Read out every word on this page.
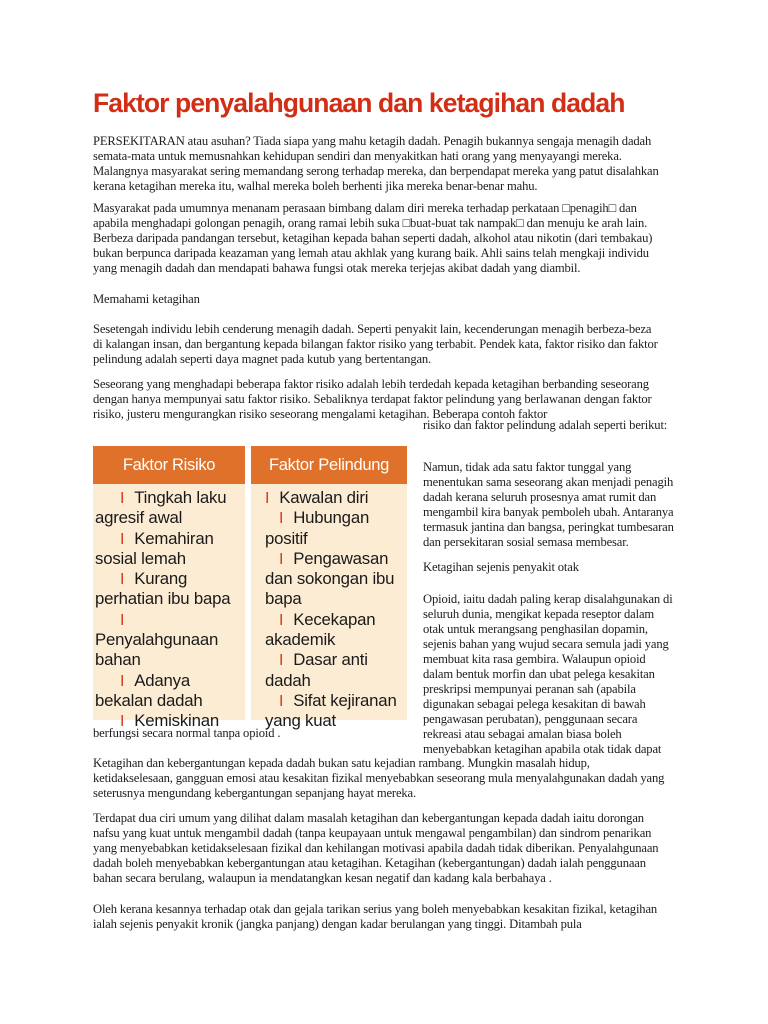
Faktor penyalahgunaan dan ketagihan dadah

PERSEKITARAN atau asuhan? Tiada siapa yang mahu ketagih dadah. Penagih bukannya sengaja menagih dadah semata-mata untuk memusnahkan kehidupan sendiri dan menyakitkan hati orang yang menyayangi mereka. Malangnya masyarakat sering memandang serong terhadap mereka, dan berpendapat mereka yang patut disalahkan kerana ketagihan mereka itu, walhal mereka boleh berhenti jika mereka benar-benar mahu.

Masyarakat pada umumnya menanam perasaan bimbang dalam diri mereka terhadap perkataan □penagih□ dan apabila menghadapi golongan penagih, orang ramai lebih suka □buat-buat tak nampak□ dan menuju ke arah lain. Berbeza daripada pandangan tersebut, ketagihan kepada bahan seperti dadah, alkohol atau nikotin (dari tembakau) bukan berpunca daripada keazaman yang lemah atau akhlak yang kurang baik. Ahli sains telah mengkaji individu yang menagih dadah dan mendapati bahawa fungsi otak mereka terjejas akibat dadah yang diambil.

Memahami ketagihan

Sesetengah individu lebih cenderung menagih dadah. Seperti penyakit lain, kecenderungan menagih berbeza-beza di kalangan insan, dan bergantung kepada bilangan faktor risiko yang terbabit. Pendek kata, faktor risiko dan faktor pelindung adalah seperti daya magnet pada kutub yang bertentangan.

Seseorang yang menghadapi beberapa faktor risiko adalah lebih terdedah kepada ketagihan berbanding seseorang dengan hanya mempunyai satu faktor risiko. Sebaliknya terdapat faktor pelindung yang berlawanan dengan faktor risiko, justeru mengurangkan risiko seseorang mengalami ketagihan. Beberapa contoh faktor

risiko dan faktor pelindung adalah seperti berikut:

Faktor Risiko	Faktor Pelindung
I Tingkah laku agresif awal
I Kemahiran sosial lemah
I Kurang perhatian ibu bapa
IPenyalahgunaan bahan
I Adanya bekalan dadah
I Kemiskinan
I Kawalan diri
I Hubungan positif
I Pengawasan dan sokongan ibu bapa
I Kecekapan akademik
I Dasar anti dadah
I Sifat kejiranan yang kuat

Namun, tidak ada satu faktor tunggal yang menentukan sama seseorang akan menjadi penagih dadah kerana seluruh prosesnya amat rumit dan mengambil kira banyak pemboleh ubah. Antaranya termasuk jantina dan bangsa, peringkat tumbesaran dan persekitaran sosial semasa membesar.

Ketagihan sejenis penyakit otak

Opioid, iaitu dadah paling kerap disalahgunakan di seluruh dunia, mengikat kepada reseptor dalam otak untuk merangsang penghasilan dopamin, sejenis bahan yang wujud secara semula jadi yang membuat kita rasa gembira. Walaupun opioid dalam bentuk morfin dan ubat pelega kesakitan preskripsi mempunyai peranan sah (apabila digunakan sebagai pelega kesakitan di bawah pengawasan perubatan), penggunaan secara rekreasi atau sebagai amalan biasa boleh menyebabkan ketagihan apabila otak tidak dapat

berfungsi secara normal tanpa opioid .

Ketagihan dan kebergantungan kepada dadah bukan satu kejadian rambang. Mungkin masalah hidup, ketidakselesaan, gangguan emosi atau kesakitan fizikal menyebabkan seseorang mula menyalahgunakan dadah yang seterusnya mengundang kebergantungan sepanjang hayat mereka.

Terdapat dua ciri umum yang dilihat dalam masalah ketagihan dan kebergantungan kepada dadah iaitu dorongan nafsu yang kuat untuk mengambil dadah (tanpa keupayaan untuk mengawal pengambilan) dan sindrom penarikan yang menyebabkan ketidakselesaan fizikal dan kehilangan motivasi apabila dadah tidak diberikan. Penyalahgunaan dadah boleh menyebabkan kebergantungan atau ketagihan. Ketagihan (kebergantungan) dadah ialah penggunaan bahan secara berulang, walaupun ia mendatangkan kesan negatif dan kadang kala berbahaya .

Oleh kerana kesannya terhadap otak dan gejala tarikan serius yang boleh menyebabkan kesakitan fizikal, ketagihan ialah sejenis penyakit kronik (jangka panjang) dengan kadar berulangan yang tinggi. Ditambah pula
